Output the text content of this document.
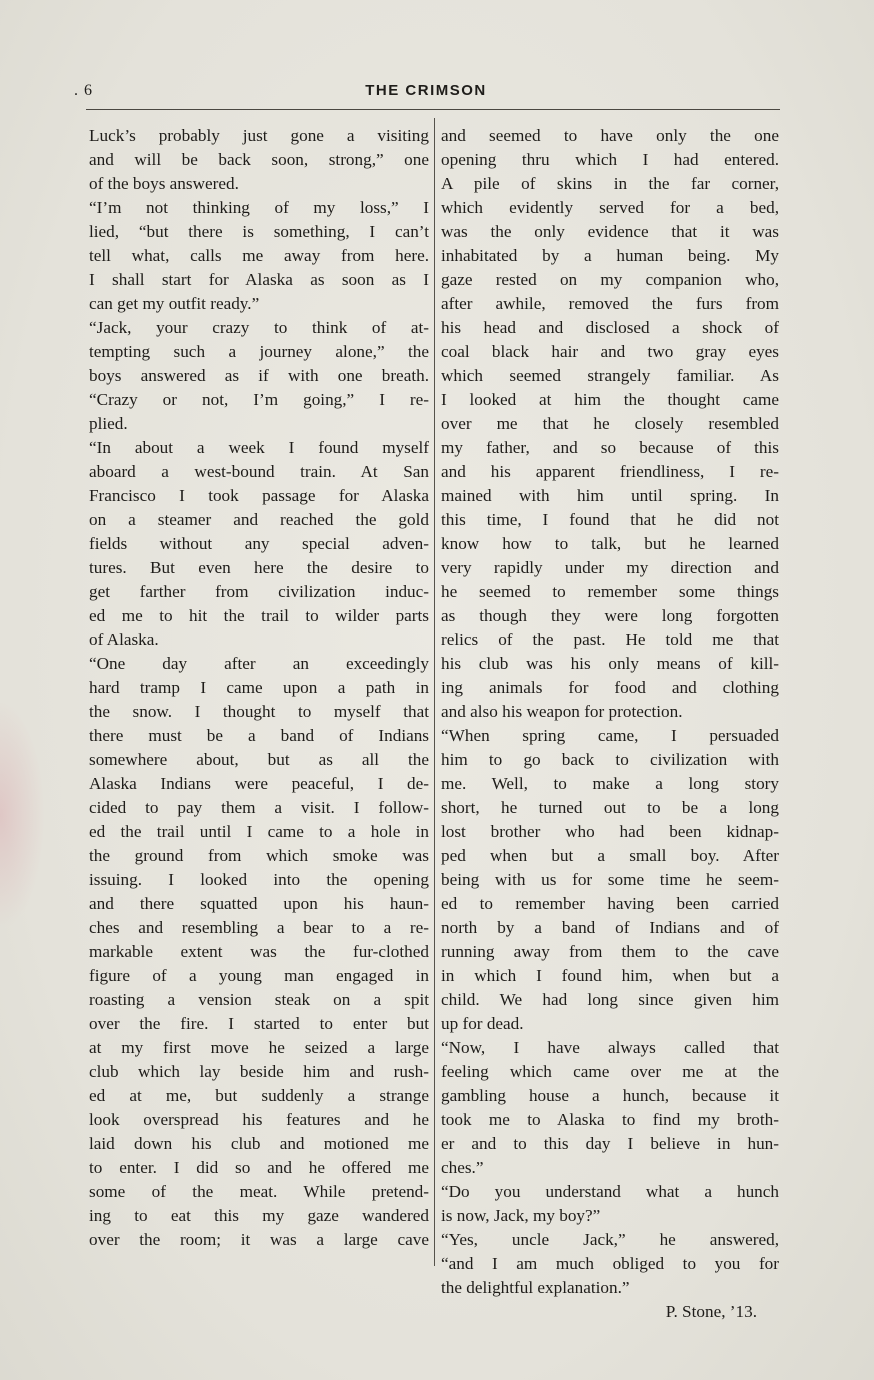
. 6	THE CRIMSON
Luck’s probably just gone a visiting
and will be back soon, strong,” one
of the boys answered.
“I’m not thinking of my loss,” I
lied, “but there is something, I can’t
tell what, calls me away from here.
I shall start for Alaska as soon as I
can get my outfit ready.”
“Jack, your crazy to think of at-
tempting such a journey alone,” the
boys answered as if with one breath.
“Crazy or not, I’m going,” I re-
plied.
“In about a week I found myself
aboard a west-bound train. At San
Francisco I took passage for Alaska
on a steamer and reached the gold
fields without any special adven-
tures. But even here the desire to
get farther from civilization induc-
ed me to hit the trail to wilder parts
of Alaska.
“One day after an exceedingly
hard tramp I came upon a path in
the snow. I thought to myself that
there must be a band of Indians
somewhere about, but as all the
Alaska Indians were peaceful, I de-
cided to pay them a visit. I follow-
ed the trail until I came to a hole in
the ground from which smoke was
issuing. I looked into the opening
and there squatted upon his haun-
ches and resembling a bear to a re-
markable extent was the fur-clothed
figure of a young man engaged in
roasting a vension steak on a spit
over the fire. I started to enter but
at my first move he seized a large
club which lay beside him and rush-
ed at me, but suddenly a strange
look overspread his features and he
laid down his club and motioned me
to enter. I did so and he offered me
some of the meat. While pretend-
ing to eat this my gaze wandered
over the room; it was a large cave
and seemed to have only the one
opening thru which I had entered.
A pile of skins in the far corner,
which evidently served for a bed,
was the only evidence that it was
inhabitated by a human being. My
gaze rested on my companion who,
after awhile, removed the furs from
his head and disclosed a shock of
coal black hair and two gray eyes
which seemed strangely familiar. As
I looked at him the thought came
over me that he closely resembled
my father, and so because of this
and his apparent friendliness, I re-
mained with him until spring. In
this time, I found that he did not
know how to talk, but he learned
very rapidly under my direction and
he seemed to remember some things
as though they were long forgotten
relics of the past. He told me that
his club was his only means of kill-
ing animals for food and clothing
and also his weapon for protection.
“When spring came, I persuaded
him to go back to civilization with
me. Well, to make a long story
short, he turned out to be a long
lost brother who had been kidnap-
ped when but a small boy. After
being with us for some time he seem-
ed to remember having been carried
north by a band of Indians and of
running away from them to the cave
in which I found him, when but a
child. We had long since given him
up for dead.
“Now, I have always called that
feeling which came over me at the
gambling house a hunch, because it
took me to Alaska to find my broth-
er and to this day I believe in hun-
ches.”
“Do you understand what a hunch
is now, Jack, my boy?”
“Yes, uncle Jack,” he answered,
“and I am much obliged to you for
the delightful explanation.”
P. Stone, ’13.
